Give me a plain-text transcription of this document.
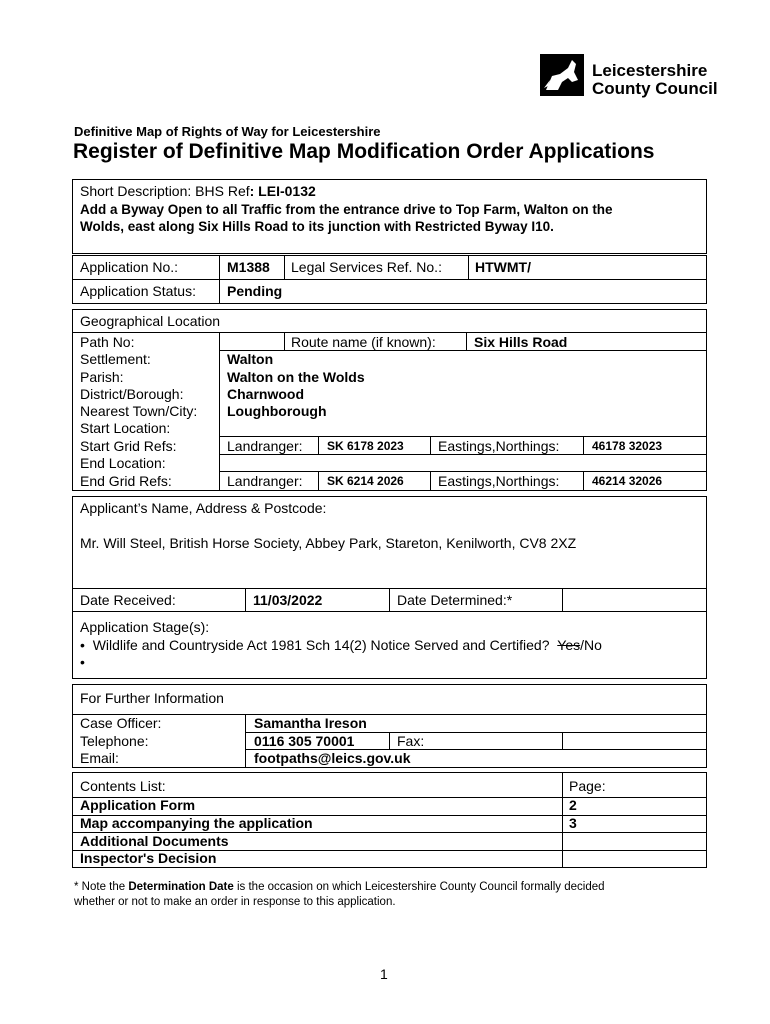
Leicestershire
County Council
Definitive Map of Rights of Way for Leicestershire
Register of Definitive Map Modification Order Applications
Short Description: BHS Ref: LEI-0132
Add a Byway Open to all Traffic from the entrance drive to Top Farm, Walton on the
Wolds, east along Six Hills Road to its junction with Restricted Byway I10.
Application No.:	M1388 Legal Services Ref. No.: HTWMT/
Application Status: Pending
Geographical Location
Path No:	Route name (if known):	Six Hills Road
Settlement:	Walton
Parish:	Walton on the Wolds
District/Borough:	Charnwood
Nearest Town/City: Loughborough
Start Location:
Start Grid Refs:	Landranger: SK 6178 2023 Eastings,Northings:	46178 32023
End Location:
End Grid Refs:	Landranger: SK 6214 2026 Eastings,Northings:	46214 32026
Applicant’s Name, Address & Postcode:
Mr. Will Steel, British Horse Society, Abbey Park, Stareton, Kenilworth, CV8 2XZ
Date Received:	11/03/2022	Date Determined:*
Application Stage(s):
• Wildlife and Countryside Act 1981 Sch 14(2) Notice Served and Certified? Yes/No
•
For Further Information
Case Officer:	Samantha Ireson
Telephone:	0116 305 70001	Fax:
Email:	footpaths@leics.gov.uk
Contents List:	Page:
Application Form	2
Map accompanying the application	3
Additional Documents
Inspector's Decision
* Note the Determination Date is the occasion on which Leicestershire County Council formally decided
whether or not to make an order in response to this application.
1
